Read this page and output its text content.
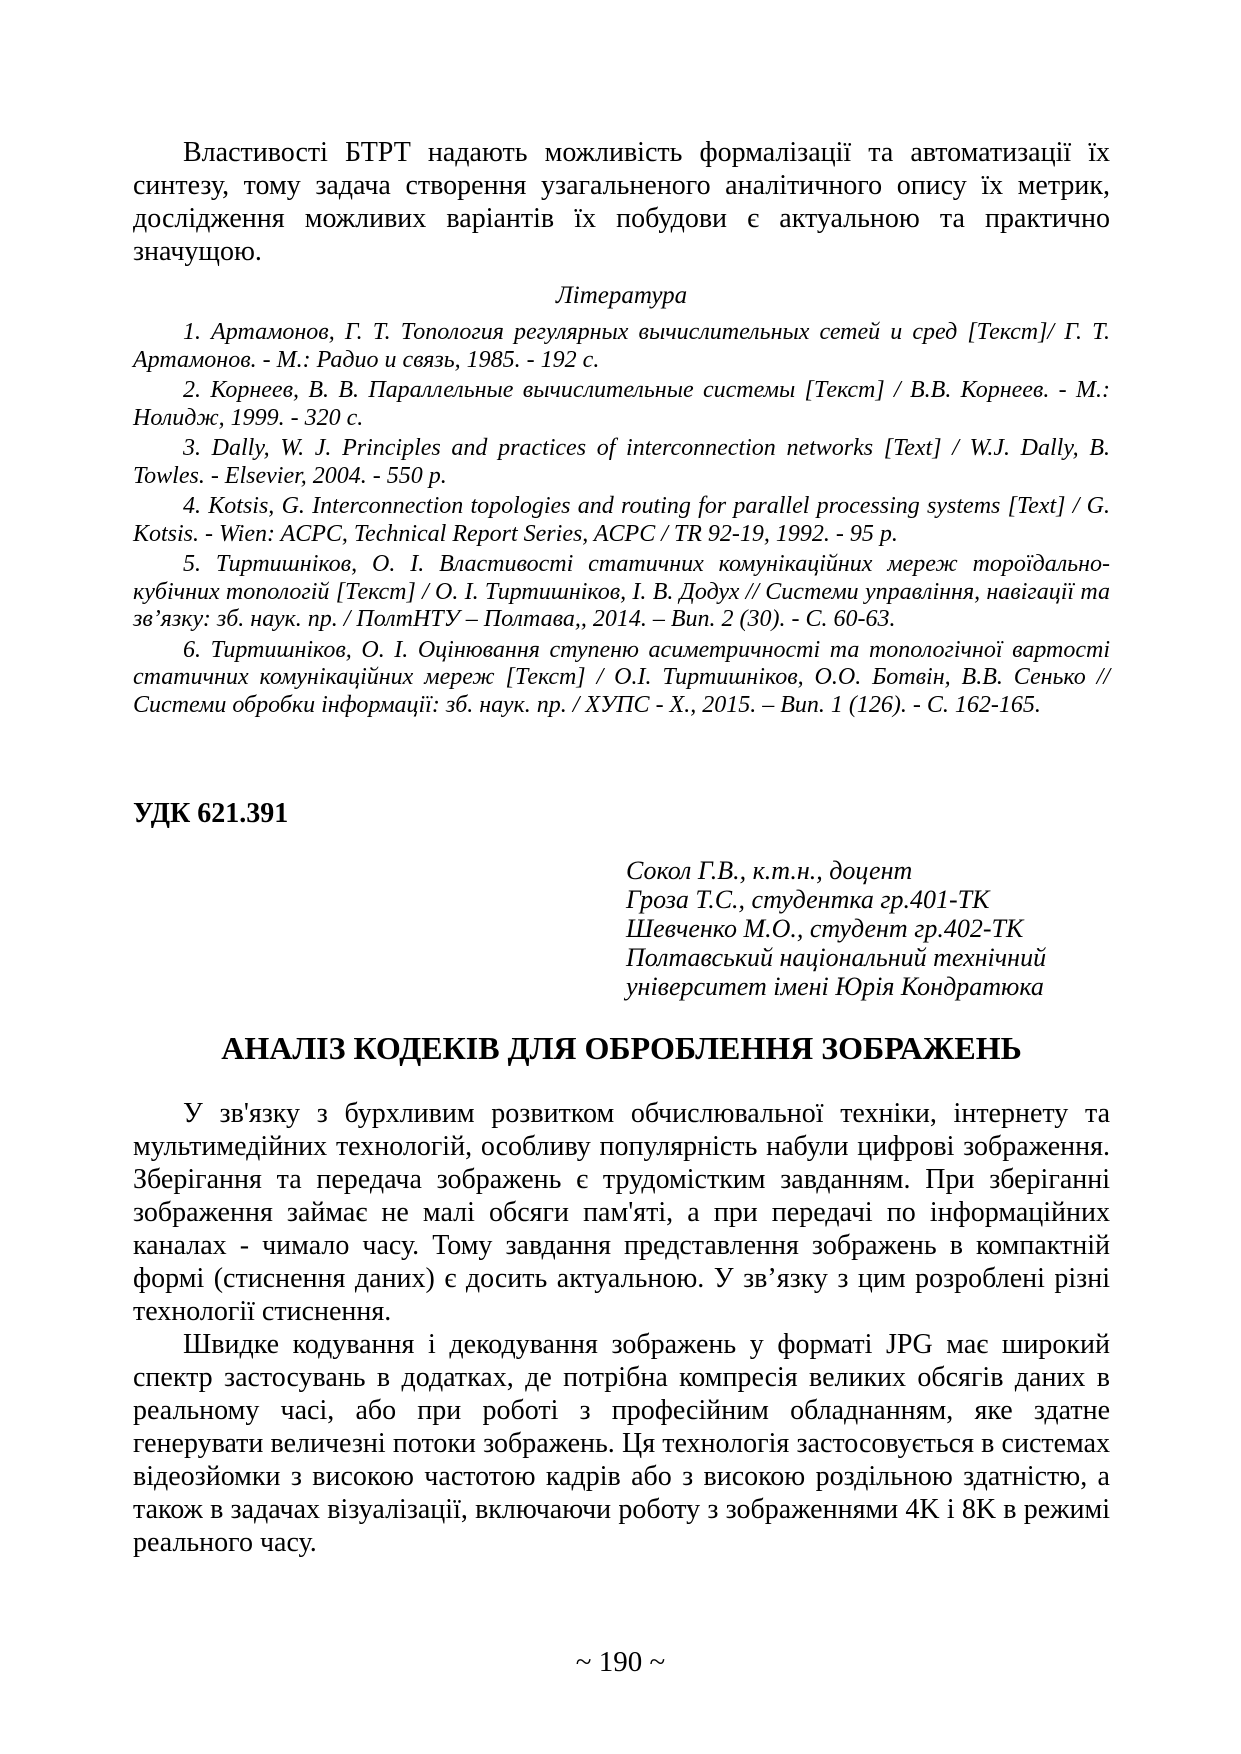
Властивості БТРТ надають можливість формалізації та автоматизації їх синтезу, тому задача створення узагальненого аналітичного опису їх метрик, дослідження можливих варіантів їх побудови є актуальною та практично значущою.

Література

1. Артамонов, Г. Т. Топология регулярных вычислительных сетей и сред [Текст]/ Г. Т. Артамонов. - М.: Радио и связь, 1985. - 192 с.

2. Корнеев, В. В. Параллельные вычислительные системы [Текст] / В.В. Корнеев. - М.: Нолидж, 1999. - 320 с.

3. Dally, W. J. Principles and practices of interconnection networks [Text] / W.J. Dally, B. Towles. - Elsevier, 2004. - 550 p.

4. Kotsis, G. Interconnection topologies and routing for parallel processing systems [Text] / G. Kotsis. - Wien: ACPC, Technical Report Series, ACPC / TR 92-19, 1992. - 95 p.

5. Тиртишніков, О. І. Властивості статичних комунікаційних мереж тороїдально-кубічних топологій [Текст] / О. І. Тиртишніков, І. В. Додух // Системи управління, навігації та зв’язку: зб. наук. пр. / ПолтНТУ – Полтава,, 2014. – Вип. 2 (30). - С. 60-63.

6. Тиртишніков, О. І. Оцінювання ступеню асиметричності та топологічної вартості статичних комунікаційних мереж [Текст] / О.І. Тиртишніков, О.О. Ботвін, В.В. Сенько // Системи обробки інформації: зб. наук. пр. / ХУПС - Х., 2015. – Вип. 1 (126). - С. 162-165.

УДК 621.391

Сокол Г.В., к.т.н., доцент

Гроза Т.С., студентка гр.401-ТК

Шевченко М.О., студент гр.402-ТК

Полтавський національний технічний

університет імені Юрія Кондратюка

АНАЛІЗ КОДЕКІВ ДЛЯ ОБРОБЛЕННЯ ЗОБРАЖЕНЬ

У зв'язку з бурхливим розвитком обчислювальної техніки, інтернету та мультимедійних технологій, особливу популярність набули цифрові зображення. Зберігання та передача зображень є трудомістким завданням. При зберіганні зображення займає не малі обсяги пам'яті, а при передачі по інформаційних каналах - чимало часу. Тому завдання представлення зображень в компактній формі (стиснення даних) є досить актуальною. У зв’язку з цим розроблені різні технології стиснення.

Швидке кодування і декодування зображень у форматі JPG має широкий спектр застосувань в додатках, де потрібна компресія великих обсягів даних в реальному часі, або при роботі з професійним обладнанням, яке здатне генерувати величезні потоки зображень. Ця технологія застосовується в системах відеозйомки з високою частотою кадрів або з високою роздільною здатністю, а також в задачах візуалізації, включаючи роботу з зображеннями 4K і 8K в режимі реального часу.

~ 190 ~
